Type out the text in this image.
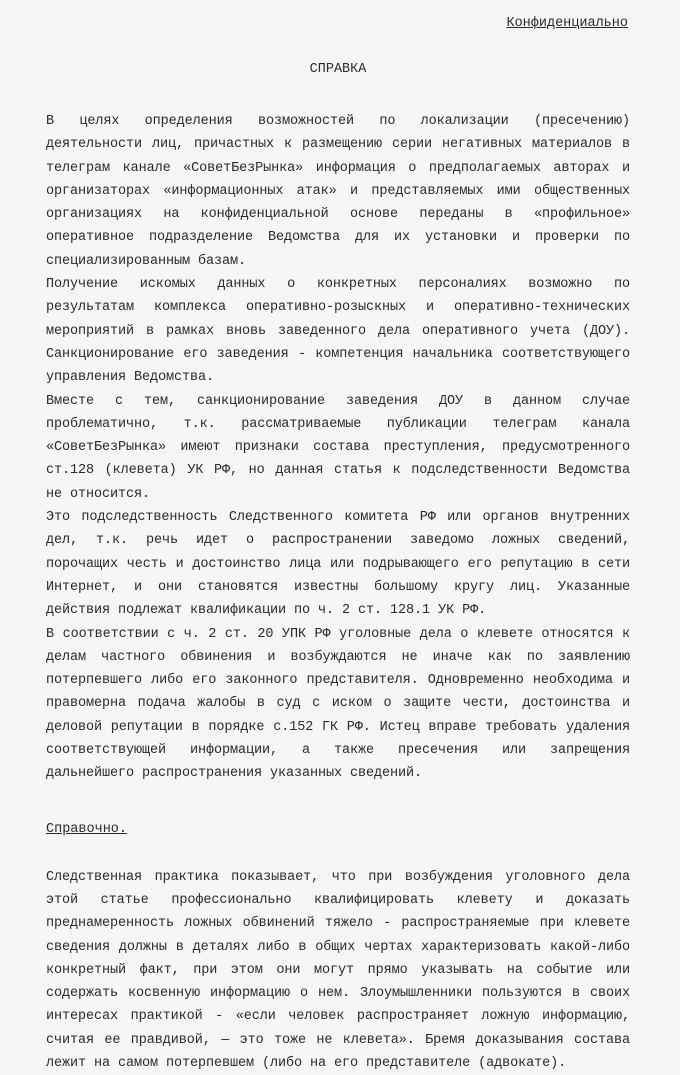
Конфиденциально
СПРАВКА

В целях определения возможностей по локализации (пресечению) деятельности лиц, причастных к размещению серии негативных материалов в телеграм канале «СоветБезРынка» информация о предполагаемых авторах и организаторах «информационных атак» и представляемых ими общественных организациях на конфиденциальной основе переданы в «профильное» оперативное подразделение Ведомства для их установки и проверки по специализированным базам.

Получение искомых данных о конкретных персоналиях возможно по результатам комплекса оперативно-розыскных и оперативно-технических мероприятий в рамках вновь заведенного дела оперативного учета (ДОУ). Санкционирование его заведения - компетенция начальника соответствующего управления Ведомства.

Вместе с тем, санкционирование заведения ДОУ в данном случае проблематично, т.к. рассматриваемые публикации телеграм канала «СоветБезРынка» имеют признаки состава преступления, предусмотренного ст.128 (клевета) УК РФ, но данная статья к подследственности Ведомства не относится.

Это подследственность Следственного комитета РФ или органов внутренних дел, т.к. речь идет о распространении заведомо ложных сведений, порочащих честь и достоинство лица или подрывающего его репутацию в сети Интернет, и они становятся известны большому кругу лиц. Указанные действия подлежат квалификации по ч. 2 ст. 128.1 УК РФ.

В соответствии с ч. 2 ст. 20 УПК РФ уголовные дела о клевете относятся к делам частного обвинения и возбуждаются не иначе как по заявлению потерпевшего либо его законного представителя. Одновременно необходима и правомерна подача жалобы в суд с иском о защите чести, достоинства и деловой репутации в порядке с.152 ГК РФ. Истец вправе требовать удаления соответствующей информации, а также пресечения или запрещения дальнейшего распространения указанных сведений.

Справочно.

Следственная практика показывает, что при возбуждения уголовного дела этой статье профессионально квалифицировать клевету и доказать преднамеренность ложных обвинений тяжело - распространяемые при клевете сведения должны в деталях либо в общих чертах характеризовать какой-либо конкретный факт, при этом они могут прямо указывать на событие или содержать косвенную информацию о нем. Злоумышленники пользуются в своих интересах практикой - «если человек распространяет ложную информацию, считая ее правдивой, — это тоже не клевета». Бремя доказывания состава лежит на самом потерпевшем (либо на его представителе (адвокате).
